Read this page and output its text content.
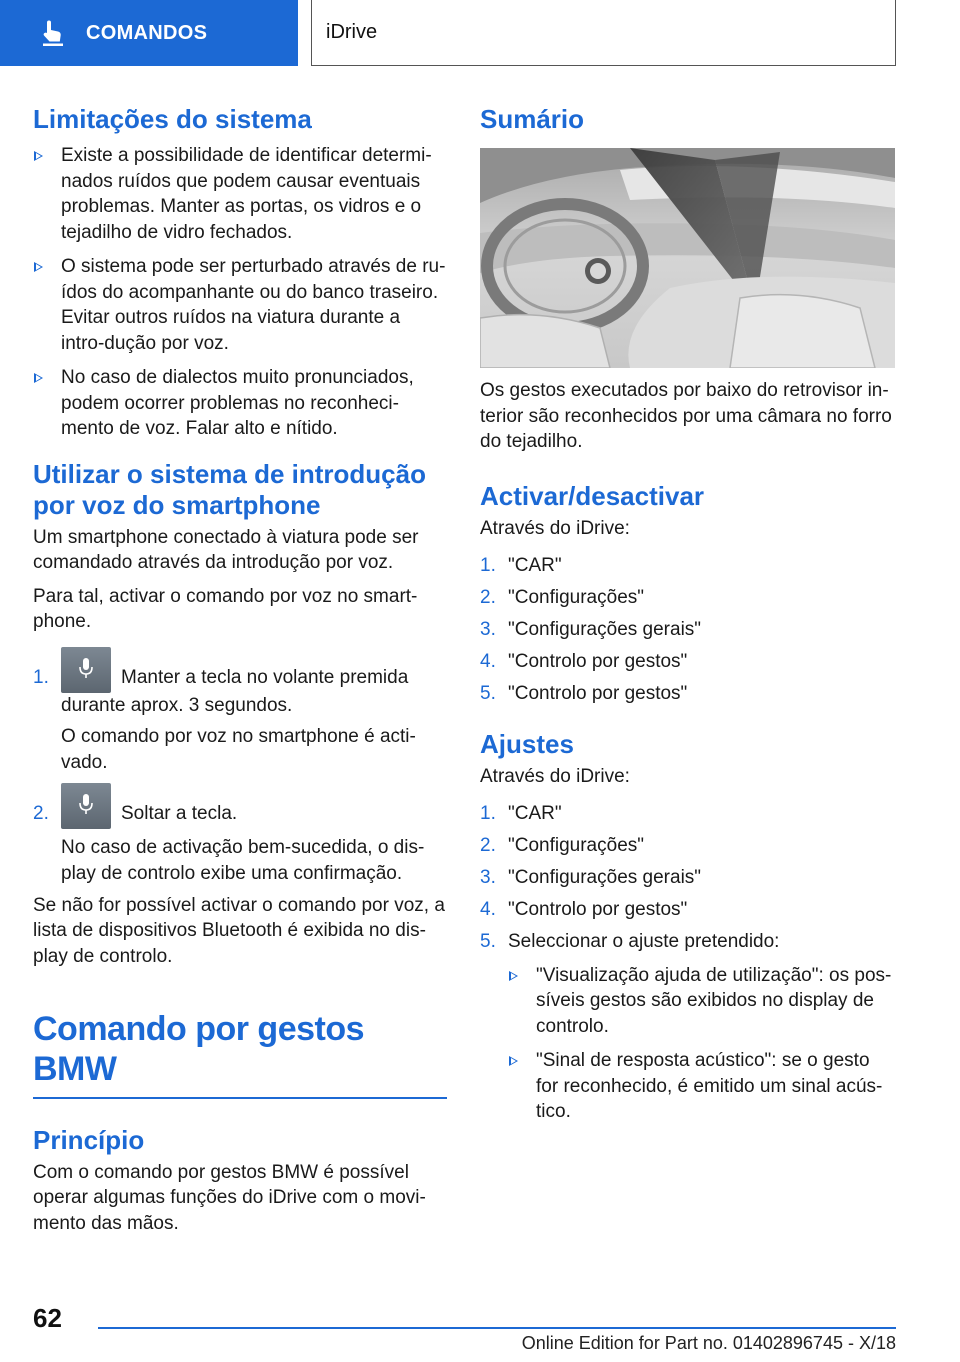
COMANDOS	iDrive
Limitações do sistema
Existe a possibilidade de identificar determi-nados ruídos que podem causar eventuais problemas. Manter as portas, os vidros e o tejadilho de vidro fechados.
O sistema pode ser perturbado através de ru-ídos do acompanhante ou do banco traseiro. Evitar outros ruídos na viatura durante a intro-dução por voz.
No caso de dialectos muito pronunciados, podem ocorrer problemas no reconheci-mento de voz. Falar alto e nítido.
Utilizar o sistema de introdução por voz do smartphone

Um smartphone conectado à viatura pode ser comandado através da introdução por voz.

Para tal, activar o comando por voz no smart-phone.

1.	Manter a tecla no volante premida durante aprox. 3 segundos.
O comando por voz no smartphone é acti-vado.
2.	Soltar a tecla.
No caso de activação bem-sucedida, o dis-play de controlo exibe uma confirmação.

Se não for possível activar o comando por voz, a lista de dispositivos Bluetooth é exibida no dis-play de controlo.

Comando por gestos BMW
Princípio

Com o comando por gestos BMW é possível operar algumas funções do iDrive com o movi-mento das mãos.

Sumário

Os gestos executados por baixo do retrovisor in-terior são reconhecidos por uma câmara no forro do tejadilho.

Activar/desactivar

Através do iDrive:

1. "CAR"
2. "Configurações"
3. "Configurações gerais"
4. "Controlo por gestos"
5. "Controlo por gestos"
Ajustes

Através do iDrive:

1. "CAR"
2. "Configurações"
3. "Configurações gerais"
4. "Controlo por gestos"
5. Seleccionar o ajuste pretendido:
"Visualização ajuda de utilização": os pos-síveis gestos são exibidos no display de controlo.
"Sinal de resposta acústico": se o gesto for reconhecido, é emitido um sinal acús-tico.
62
Online Edition for Part no. 01402896745 - X/18
